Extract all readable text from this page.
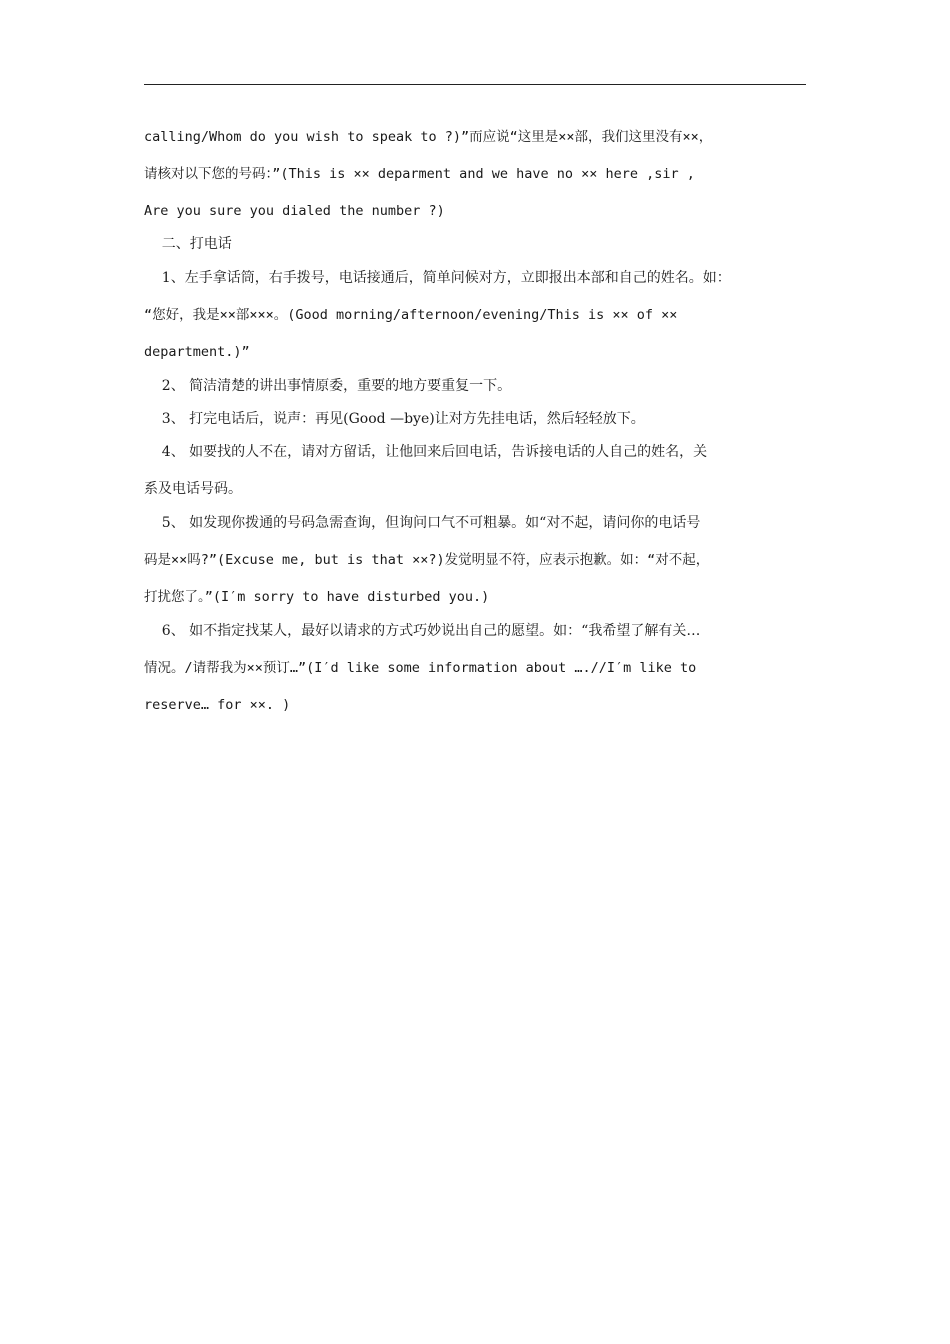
calling/Whom do you wish to speak to ?)”而应说“这里是××部，我们这里没有××，
请核对以下您的号码：”(This is ×× deparment and we have no ×× here ,sir ,
Are you sure you dialed the number ?)
二、打电话
1、左手拿话筒，右手拨号，电话接通后，简单问候对方，立即报出本部和自己的姓名。如：
“您好，我是××部×××。(Good morning/afternoon/evening/This is ×× of ××
department.)”
2、 简洁清楚的讲出事情原委，重要的地方要重复一下。
3、 打完电话后，说声：再见(Good —bye)让对方先挂电话，然后轻轻放下。
4、 如要找的人不在，请对方留话，让他回来后回电话，告诉接电话的人自己的姓名，关
系及电话号码。
5、 如发现你拨通的号码急需查询，但询问口气不可粗暴。如“对不起，请问你的电话号
码是××吗?”(Excuse me, but is that ××?)发觉明显不符，应表示抱歉。如：“对不起，
打扰您了。”(I′m sorry to have disturbed you.)
6、 如不指定找某人，最好以请求的方式巧妙说出自己的愿望。如：“我希望了解有关…
情况。/请帮我为××预订…”(I′d like some information about ….//I′m like to
reserve… for ××. )
